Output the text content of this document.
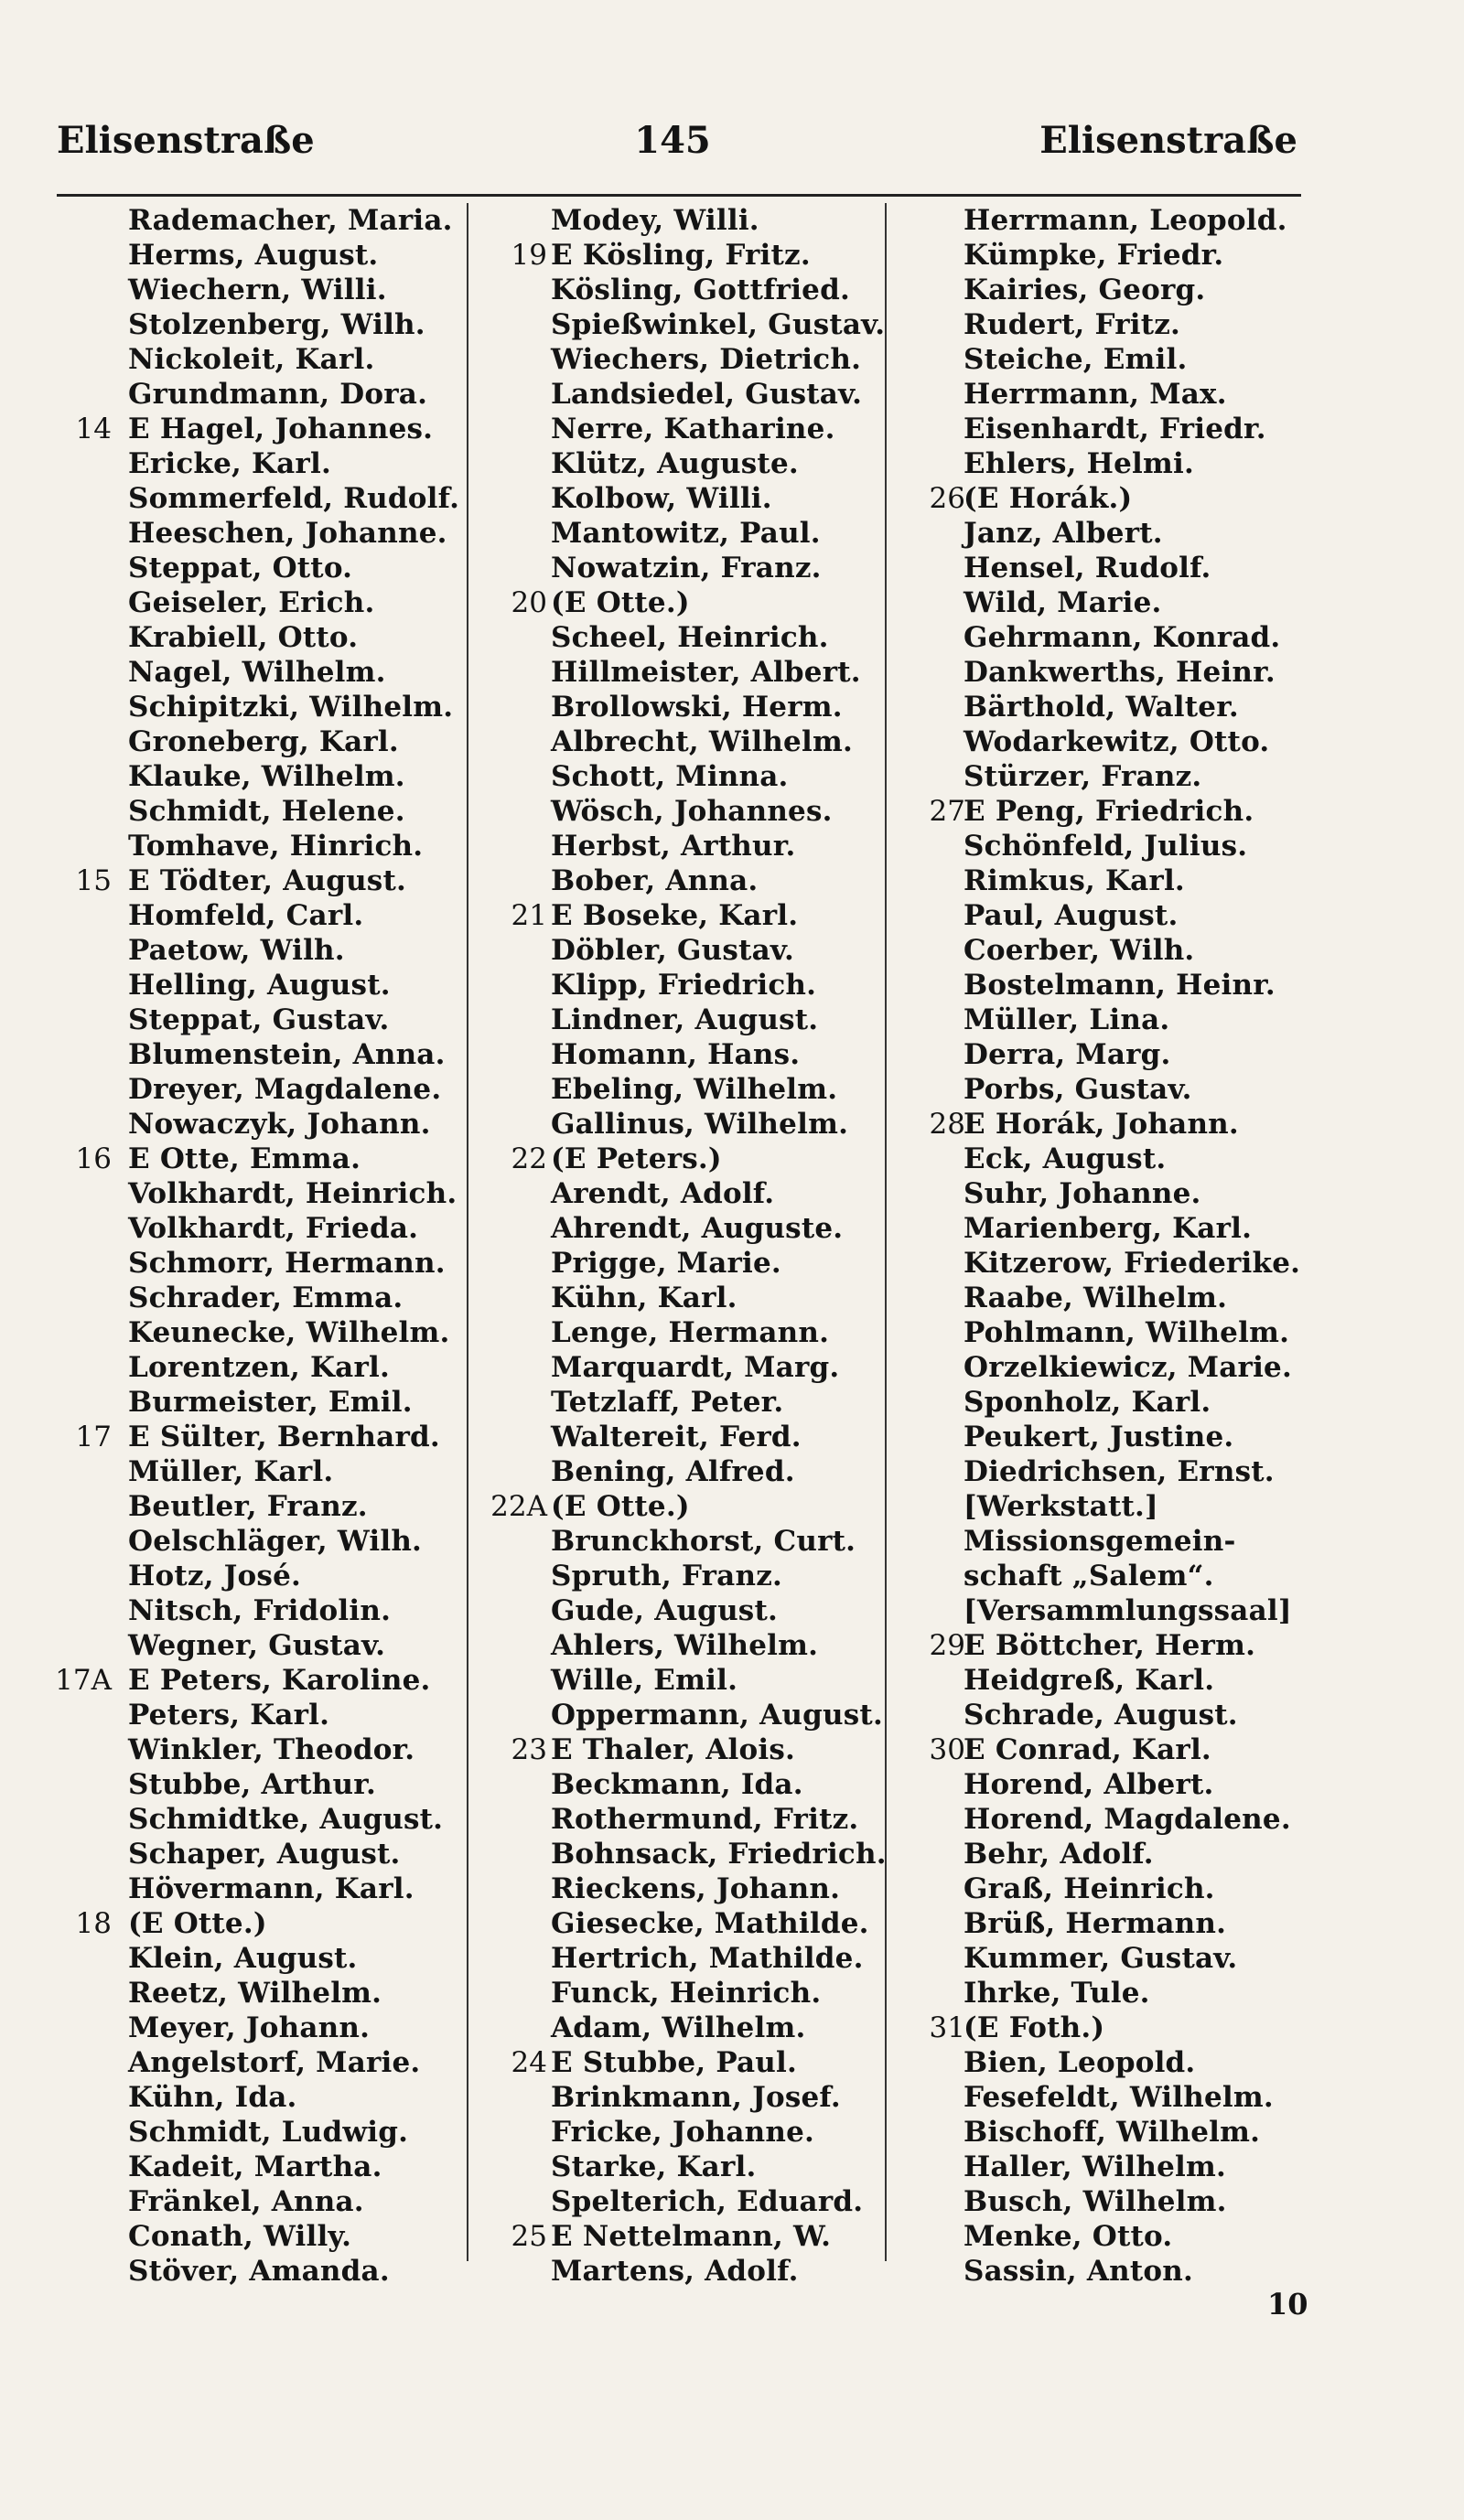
Elisenstraße	145	Elisenstraße
Rademacher, Maria.
Herms, August.
Wiechern, Willi.
Stolzenberg, Wilh.
Nickoleit, Karl.
Grundmann, Dora.
14 E Hagel, Johannes.
Ericke, Karl.
Sommerfeld, Rudolf.
Heeschen, Johanne.
Steppat, Otto.
Geiseler, Erich.
Krabiell, Otto.
Nagel, Wilhelm.
Schipitzki, Wilhelm.
Groneberg, Karl.
Klauke, Wilhelm.
Schmidt, Helene.
Tomhave, Hinrich.
15 E Tödter, August.
Homfeld, Carl.
Paetow, Wilh.
Helling, August.
Steppat, Gustav.
Blumenstein, Anna.
Dreyer, Magdalene.
Nowaczyk, Johann.
16 E Otte, Emma.
Volkhardt, Heinrich.
Volkhardt, Frieda.
Schmorr, Hermann.
Schrader, Emma.
Keunecke, Wilhelm.
Lorentzen, Karl.
Burmeister, Emil.
17 E Sülter, Bernhard.
Müller, Karl.
Beutler, Franz.
Oelschläger, Wilh.
Hotz, José.
Nitsch, Fridolin.
Wegner, Gustav.
17A E Peters, Karoline.
Peters, Karl.
Winkler, Theodor.
Stubbe, Arthur.
Schmidtke, August.
Schaper, August.
Hövermann, Karl.
18 (E Otte.)
Klein, August.
Reetz, Wilhelm.
Meyer, Johann.
Angelstorf, Marie.
Kühn, Ida.
Schmidt, Ludwig.
Kadeit, Martha.
Fränkel, Anna.
Conath, Willy.
Stöver, Amanda.
Modey, Willi.
19 E Kösling, Fritz.
Kösling, Gottfried.
Spießwinkel, Gustav.
Wiechers, Dietrich.
Landsiedel, Gustav.
Nerre, Katharine.
Klütz, Auguste.
Kolbow, Willi.
Mantowitz, Paul.
Nowatzin, Franz.
20 (E Otte.)
Scheel, Heinrich.
Hillmeister, Albert.
Brollowski, Herm.
Albrecht, Wilhelm.
Schott, Minna.
Wösch, Johannes.
Herbst, Arthur.
Bober, Anna.
21 E Boseke, Karl.
Döbler, Gustav.
Klipp, Friedrich.
Lindner, August.
Homann, Hans.
Ebeling, Wilhelm.
Gallinus, Wilhelm.
22 (E Peters.)
Arendt, Adolf.
Ahrendt, Auguste.
Prigge, Marie.
Kühn, Karl.
Lenge, Hermann.
Marquardt, Marg.
Tetzlaff, Peter.
Waltereit, Ferd.
Bening, Alfred.
22A (E Otte.)
Brunckhorst, Curt.
Spruth, Franz.
Gude, August.
Ahlers, Wilhelm.
Wille, Emil.
Oppermann, August.
23 E Thaler, Alois.
Beckmann, Ida.
Rothermund, Fritz.
Bohnsack, Friedrich.
Rieckens, Johann.
Giesecke, Mathilde.
Hertrich, Mathilde.
Funck, Heinrich.
Adam, Wilhelm.
24 E Stubbe, Paul.
Brinkmann, Josef.
Fricke, Johanne.
Starke, Karl.
Spelterich, Eduard.
25 E Nettelmann, W.
Martens, Adolf.
Herrmann, Leopold.
Kümpke, Friedr.
Kairies, Georg.
Rudert, Fritz.
Steiche, Emil.
Herrmann, Max.
Eisenhardt, Friedr.
Ehlers, Helmi.
26
(E Horák.)
Janz, Albert.
Hensel, Rudolf.
Wild, Marie.
Gehrmann, Konrad.
Dankwerths, Heinr.
Bärthold, Walter.
Wodarkewitz, Otto.
Stürzer, Franz.
27
E Peng, Friedrich.
Schönfeld, Julius.
Rimkus, Karl.
Paul, August.
Coerber, Wilh.
Bostelmann, Heinr.
Müller, Lina.
Derra, Marg.
Porbs, Gustav.
28
E Horák, Johann.
Eck, August.
Suhr, Johanne.
Marienberg, Karl.
Kitzerow, Friederike.
Raabe, Wilhelm.
Pohlmann, Wilhelm.
Orzelkiewicz, Marie.
Sponholz, Karl.
Peukert, Justine.
Diedrichsen, Ernst.
[Werkstatt.]
Missionsgemein-
schaft „Salem“.
[Versammlungssaal]
29
E Böttcher, Herm.
Heidgreß, Karl.
Schrade, August.
30
E Conrad, Karl.
Horend, Albert.
Horend, Magdalene.
Behr, Adolf.
Graß, Heinrich.
Brüß, Hermann.
Kummer, Gustav.
Ihrke, Tule.
31
(E Foth.)
Bien, Leopold.
Fesefeldt, Wilhelm.
Bischoff, Wilhelm.
Haller, Wilhelm.
Busch, Wilhelm.
Menke, Otto.
Sassin, Anton.
10
